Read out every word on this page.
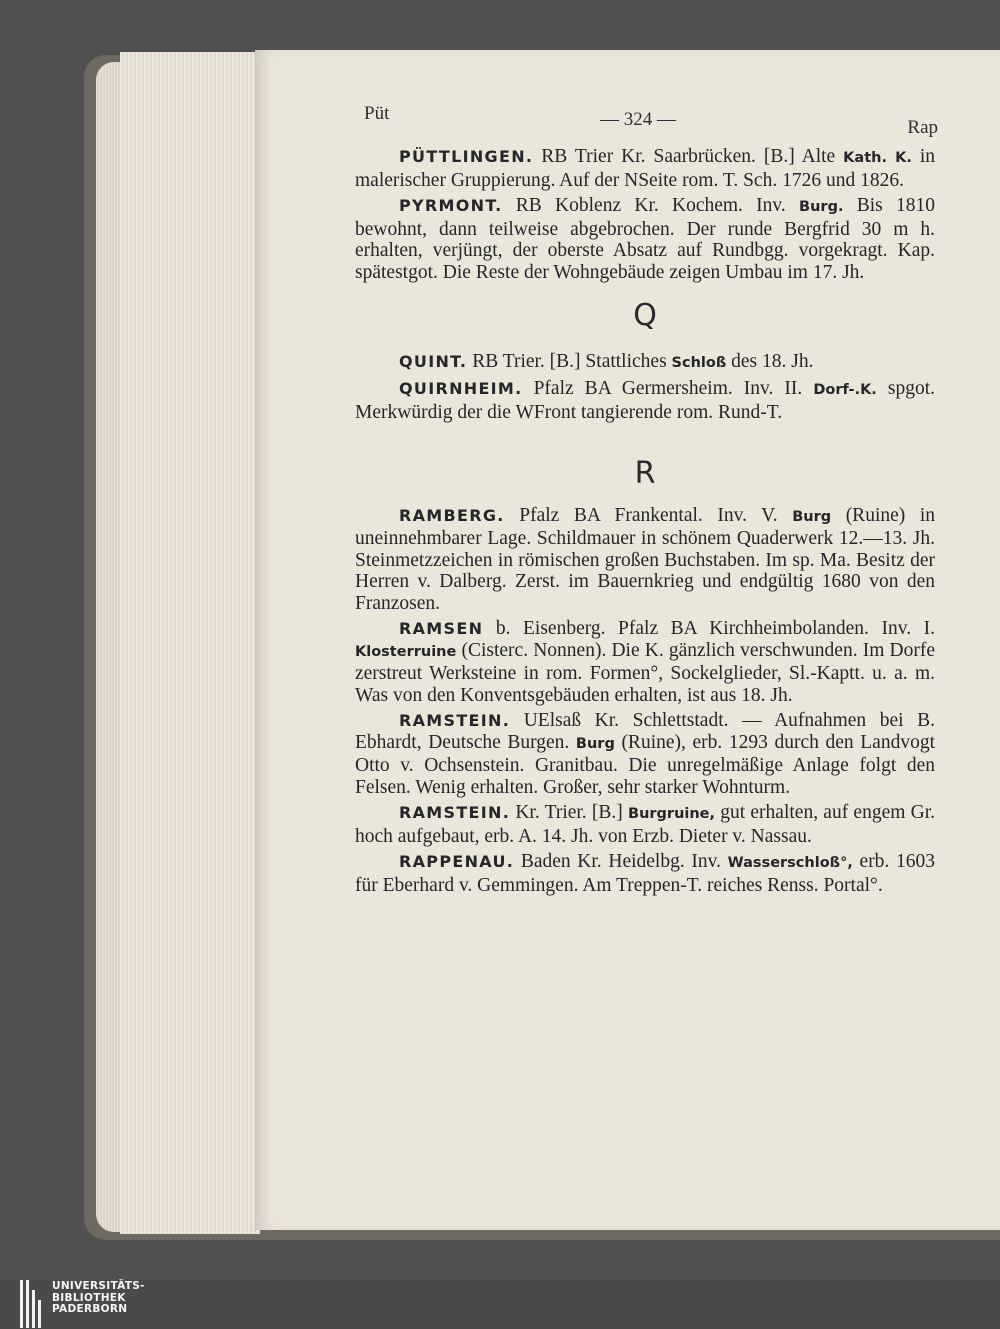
Püt	— 324 —	Rap

PÜTTLINGEN. RB Trier Kr. Saarbrücken. [B.] Alte Kath. K. in malerischer Gruppierung. Auf der NSeite rom. T. Sch. 1726 und 1826.

PYRMONT. RB Koblenz Kr. Kochem. Inv. Burg. Bis 1810 bewohnt, dann teilweise abgebrochen. Der runde Bergfrid 30 m h. erhalten, verjüngt, der oberste Absatz auf Rundbgg. vorgekragt. Kap. spätestgot. Die Reste der Wohngebäude zeigen Umbau im 17. Jh.

Q

QUINT. RB Trier. [B.] Stattliches Schloß des 18. Jh.

QUIRNHEIM. Pfalz BA Germersheim. Inv. II. Dorf-.K. spgot. Merkwürdig der die WFront tangierende rom. Rund-T.

R

RAMBERG. Pfalz BA Frankental. Inv. V. Burg (Ruine) in uneinnehmbarer Lage. Schildmauer in schönem Quaderwerk 12.—13. Jh. Steinmetzzeichen in römischen großen Buchstaben. Im sp. Ma. Besitz der Herren v. Dalberg. Zerst. im Bauernkrieg und endgültig 1680 von den Franzosen.

RAMSEN b. Eisenberg. Pfalz BA Kirchheimbolanden. Inv. I. Klosterruine (Cisterc. Nonnen). Die K. gänzlich verschwunden. Im Dorfe zerstreut Werksteine in rom. Formen°, Sockelglieder, Sl.-Kaptt. u. a. m. Was von den Konventsgebäuden erhalten, ist aus 18. Jh.

RAMSTEIN. UElsaß Kr. Schlettstadt. — Aufnahmen bei B. Ebhardt, Deutsche Burgen. Burg (Ruine), erb. 1293 durch den Landvogt Otto v. Ochsenstein. Granitbau. Die unregelmäßige Anlage folgt den Felsen. Wenig erhalten. Großer, sehr starker Wohnturm.

RAMSTEIN. Kr. Trier. [B.] Burgruine, gut erhalten, auf engem Gr. hoch aufgebaut, erb. A. 14. Jh. von Erzb. Dieter v. Nassau.

RAPPENAU. Baden Kr. Heidelbg. Inv. Wasserschloß°, erb. 1603 für Eberhard v. Gemmingen. Am Treppen-T. reiches Renss. Portal°.

UNIVERSITÄTS-
BIBLIOTHEK
PADERBORN
